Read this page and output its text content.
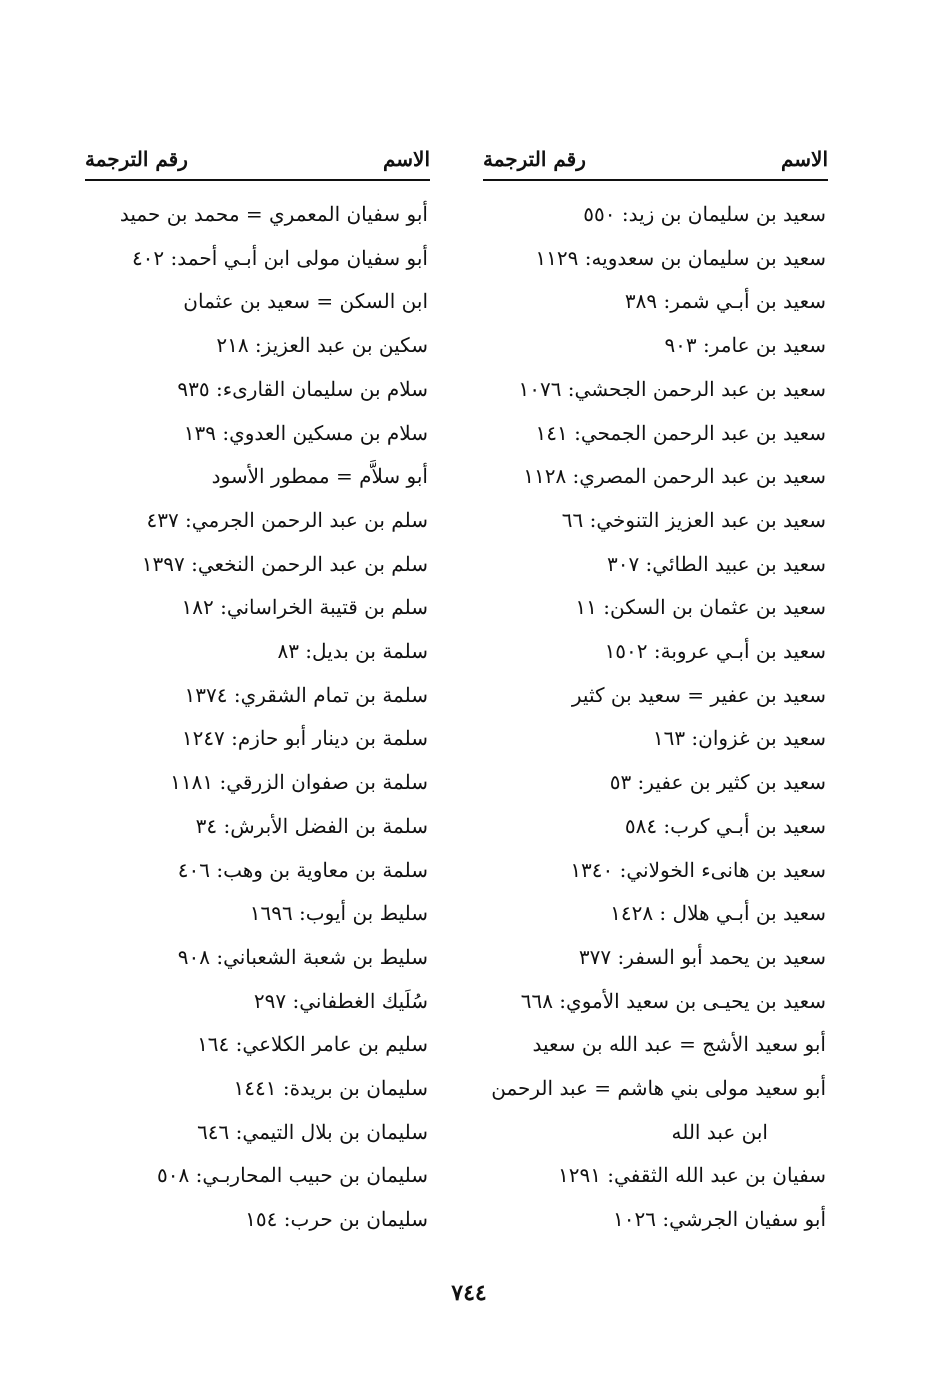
الاسم
رقم الترجمة
سعيد بن سليمان بن زيد: ٥٥٠
سعيد بن سليمان بن سعدويه: ١١٢٩
سعيد بن أبـي شمر: ٣٨٩
سعيد بن عامر: ٩٠٣
سعيد بن عبد الرحمن الجحشي: ١٠٧٦
سعيد بن عبد الرحمن الجمحي: ١٤١
سعيد بن عبد الرحمن المصري: ١١٢٨
سعيد بن عبد العزيز التنوخي: ٦٦
سعيد بن عبيد الطائي: ٣٠٧
سعيد بن عثمان بن السكن: ١١
سعيد بن أبـي عروبة: ١٥٠٢
سعيد بن عفير = سعيد بن كثير
سعيد بن غزوان: ١٦٣
سعيد بن كثير بن عفير: ٥٣
سعيد بن أبـي كرب: ٥٨٤
سعيد بن هانىء الخولاني: ١٣٤٠
سعيد بن أبـي هلال : ١٤٢٨
سعيد بن يحمد أبو السفر: ٣٧٧
سعيد بن يحيـى بن سعيد الأموي: ٦٦٨
أبو سعيد الأشج = عبد الله بن سعيد
أبو سعيد مولى بني هاشم = عبد الرحمن
ابن عبد الله
سفيان بن عبد الله الثقفي: ١٢٩١
أبو سفيان الجرشي: ١٠٢٦
الاسم
رقم الترجمة
أبو سفيان المعمري = محمد بن حميد
أبو سفيان مولى ابن أبـي أحمد: ٤٠٢
ابن السكن = سعيد بن عثمان
سكين بن عبد العزيز: ٢١٨
سلام بن سليمان القارىء: ٩٣٥
سلام بن مسكين العدوي: ١٣٩
أبو سلاَّم = ممطور الأسود
سلم بن عبد الرحمن الجرمي: ٤٣٧
سلم بن عبد الرحمن النخعي: ١٣٩٧
سلم بن قتيبة الخراساني: ١٨٢
سلمة بن بديل: ٨٣
سلمة بن تمام الشقري: ١٣٧٤
سلمة بن دينار أبو حازم: ١٢٤٧
سلمة بن صفوان الزرقي: ١١٨١
سلمة بن الفضل الأبرش: ٣٤
سلمة بن معاوية بن وهب: ٤٠٦
سليط بن أيوب: ١٦٩٦
سليط بن شعبة الشعباني: ٩٠٨
سُلَيك الغطفاني: ٢٩٧
سليم بن عامر الكلاعي: ١٦٤
سليمان بن بريدة: ١٤٤١
سليمان بن بلال التيمي: ٦٤٦
سليمان بن حبيب المحاربـي: ٥٠٨
سليمان بن حرب: ١٥٤
٧٤٤
